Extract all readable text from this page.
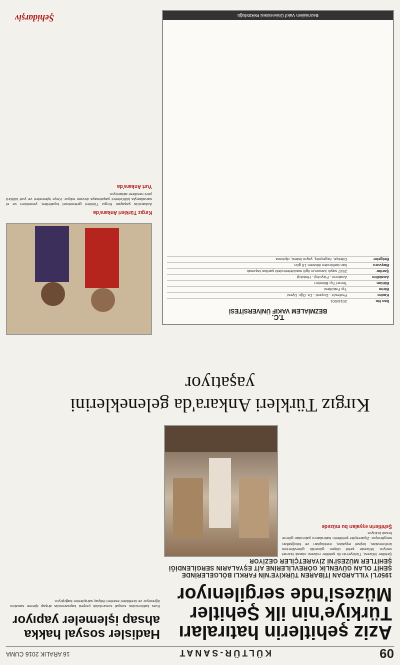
09
KÜLTÜR-SANAT
16 ARALIK 2016 CUMA
Aziz şehitlerin hatıraları Türkiye'nin ilk Şehitler Müzesi'nde sergilenıyor
1950'Lİ YILLARDAN İTİBAREN TÜRKİYE'NİN FARKLI BÖLGELERİNDE ŞEHİT OLAN GÜVENLİK GÖREVLİLERİNE AİT EŞYALARIN SERGİLENDİĞİ ŞEHİTLER MÜZESİ'Nİ ZİYARETÇİLER GEZİYOR
Hadisler sosyal hakka ahsap işlemeler yapıyor
Kurs katılımcıları sosyal sorumluluk projesi kapsamında ahşap işleme sanatını öğreniyor ve ürettikleri eserleri ihtiyaç sahiplerine bağışlıyor.
Şehitler Müzesi, Türkiye'nin ilk şehitler müzesi olarak hizmet veriyor. Müzede şehit düşen güvenlik görevlilerinin üniformaları, kişisel eşyaları, mektupları ve fotoğrafları sergileniyor. Ziyaretçiler şehitlerin hatıralarını yakından görme fırsatı buluyor.
Şehitlerin eşyaları bu müzede
Kırgız Türkleri Ankara'da geleneklerini yaşatıyor
Kırgız Türkleri Ankara'da
Ankara'da yaşayan Kırgız Türkleri geleneksel kıyafetleri, yemekleri ve el sanatlarıyla kültürlerini yaşatmaya devam ediyor. Keçe işlemeleri ve yurt kültürü yeni nesillere aktarılıyor.
Yurt Ankara'da
T.C.
BEZMİALEM VAKIF ÜNİVERSİTESİ
İlan No
2016/001
Kadro
Profesör - Doçent - Dr. Öğr. Üyesi
Birim
Tıp Fakültesi
Bölüm
Temel Tıp Bilimleri
Anabilim
Anatomi - Fizyoloji - Histoloji
Şartlar
2547 sayılı kanunun ilgili maddelerindeki şartları taşımak
Başvuru
İlan tarihinden itibaren 15 gün
Belgeler
Dilekçe, özgeçmiş, yayın listesi, diploma
Bezmialem Vakıf Üniversitesi Rektörlüğü
Şehidarşiv
